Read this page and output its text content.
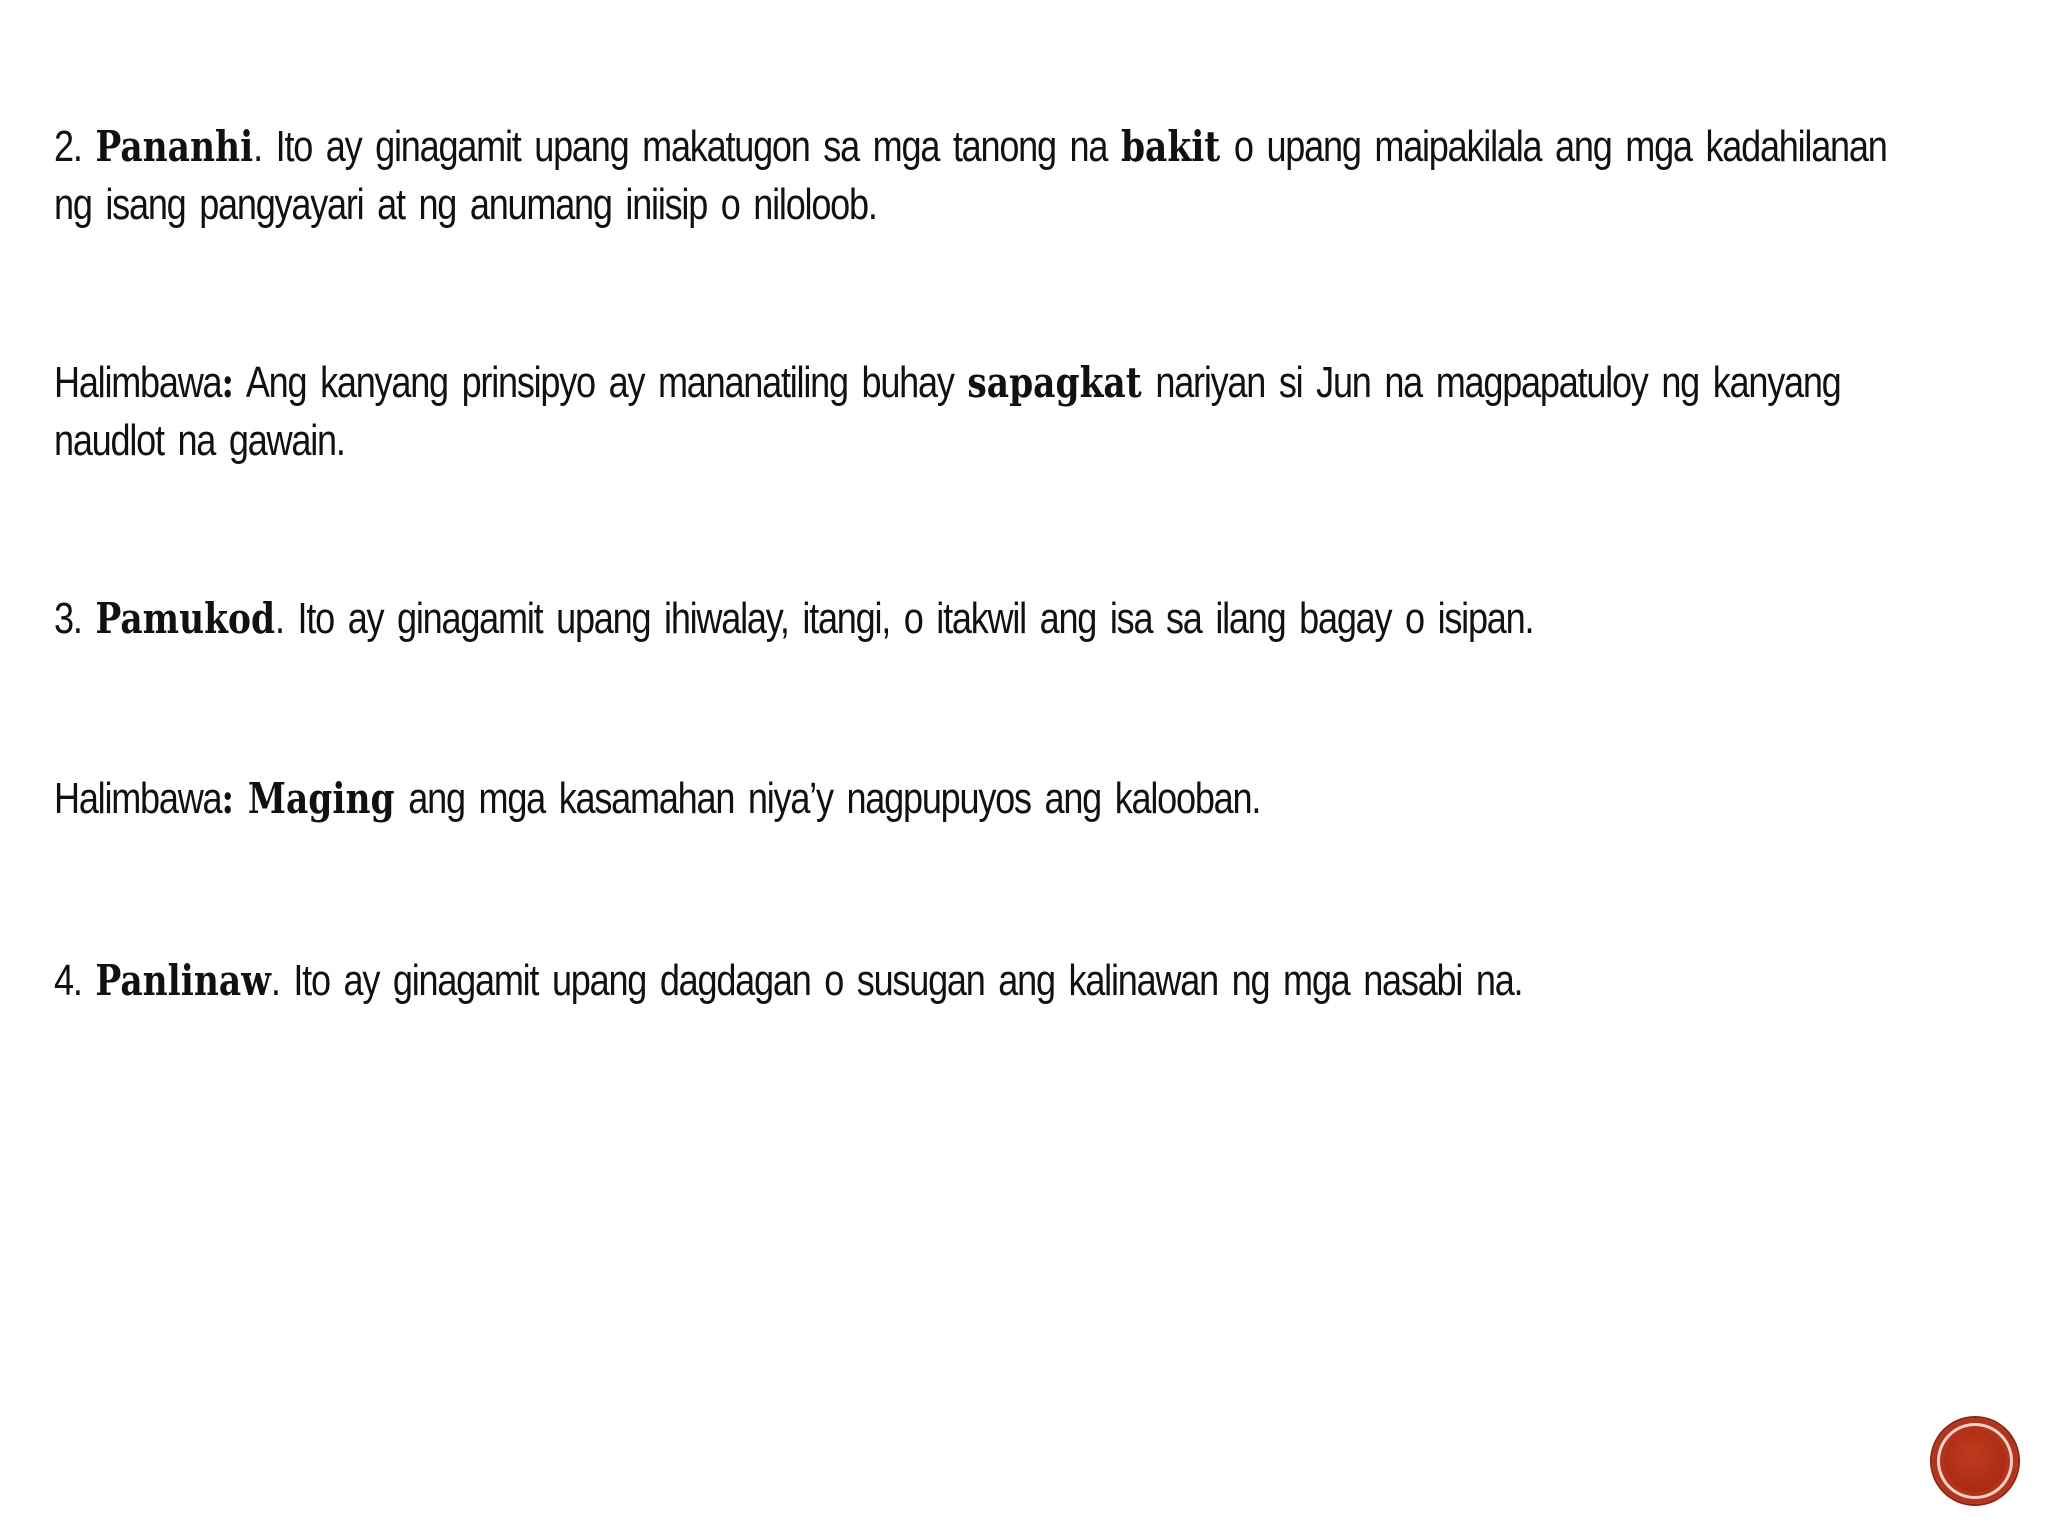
2. Pananhi. Ito ay ginagamit upang makatugon sa mga tanong na bakit o upang maipakilala ang mga kadahilanan ng isang pangyayari at ng anumang iniisip o niloloob.

Halimbawa: Ang kanyang prinsipyo ay mananatiling buhay sapagkat nariyan si Jun na magpapatuloy ng kanyang naudlot na gawain.

3. Pamukod. Ito ay ginagamit upang ihiwalay, itangi, o itakwil ang isa sa ilang bagay o isipan.

Halimbawa: Maging ang mga kasamahan niya’y nagpupuyos ang kalooban.

4. Panlinaw. Ito ay ginagamit upang dagdagan o susugan ang kalinawan ng mga nasabi na.
